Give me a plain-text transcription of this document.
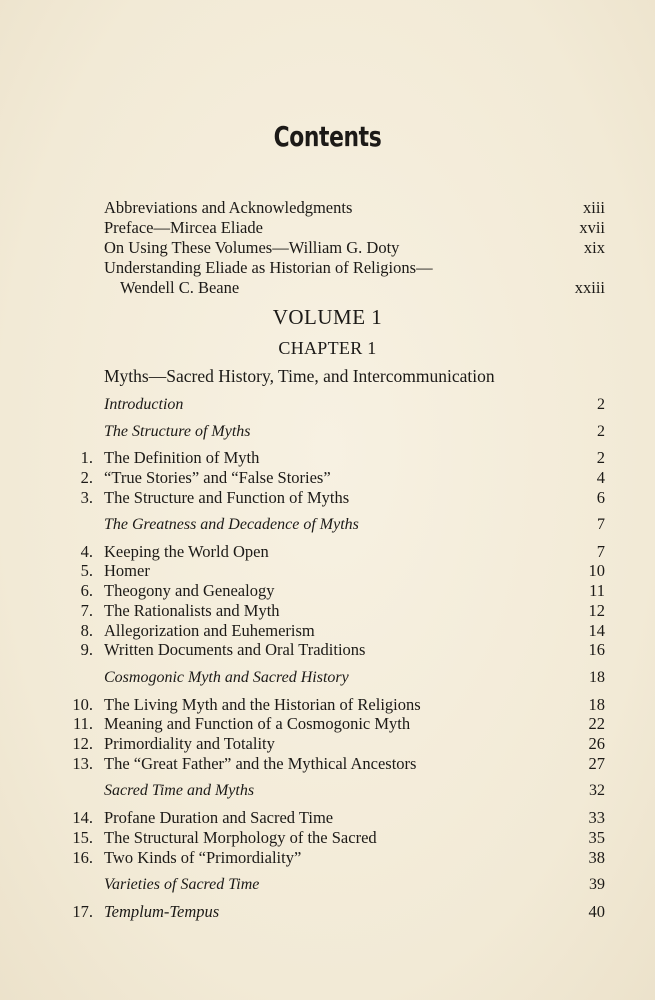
Contents
Abbreviations and Acknowledgments	xiii
Preface—Mircea Eliade	xvii
On Using These Volumes—William G. Doty	xix
Understanding Eliade as Historian of Religions—
Wendell C. Beane	xxiii
VOLUME 1
CHAPTER 1
Myths—Sacred History, Time, and Intercommunication
Introduction	2
The Structure of Myths	2
1. The Definition of Myth	2
2. “True Stories” and “False Stories”	4
3. The Structure and Function of Myths	6
The Greatness and Decadence of Myths	7
4. Keeping the World Open	7
5. Homer	10
6. Theogony and Genealogy	11
7. The Rationalists and Myth	12
8. Allegorization and Euhemerism	14
9. Written Documents and Oral Traditions	16
Cosmogonic Myth and Sacred History	18
10. The Living Myth and the Historian of Religions	18
11. Meaning and Function of a Cosmogonic Myth	22
12. Primordiality and Totality	26
13. The “Great Father” and the Mythical Ancestors	27
Sacred Time and Myths	32
14. Profane Duration and Sacred Time	33
15. The Structural Morphology of the Sacred	35
16. Two Kinds of “Primordiality”	38
Varieties of Sacred Time	39
17. Templum-Tempus	40
